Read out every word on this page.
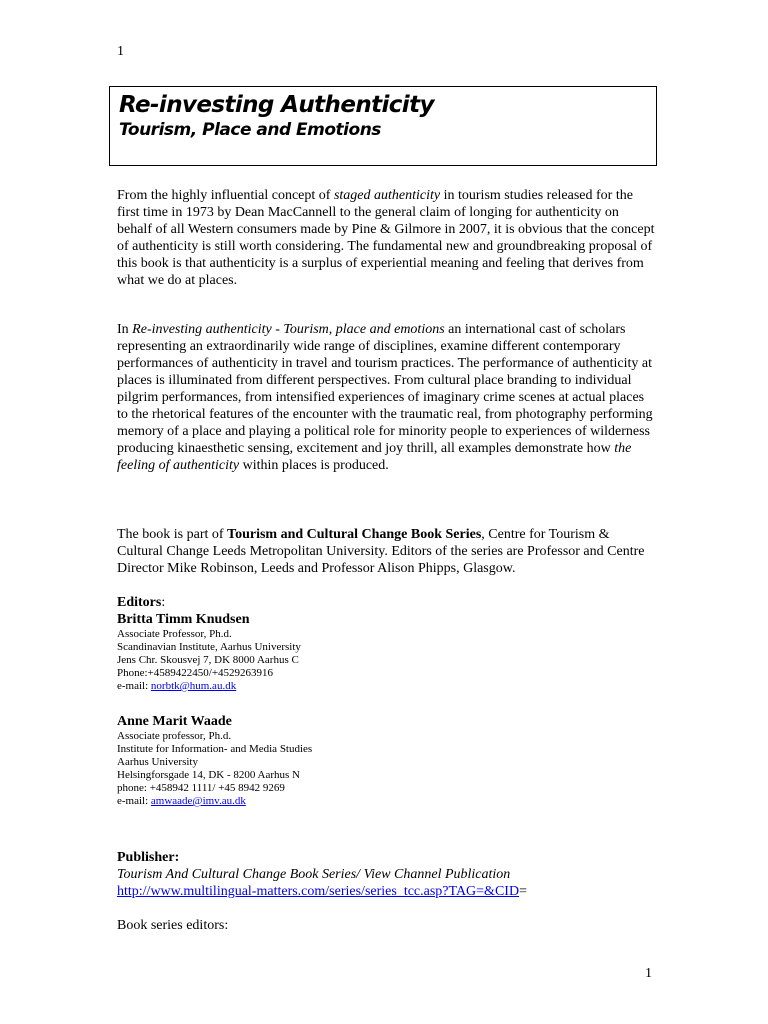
1
Re-investing Authenticity
Tourism, Place and Emotions

From the highly influential concept of staged authenticity in tourism studies released for the first time in 1973 by Dean MacCannell to the general claim of longing for authenticity on behalf of all Western consumers made by Pine & Gilmore in 2007, it is obvious that the concept of authenticity is still worth considering. The fundamental new and groundbreaking proposal of this book is that authenticity is a surplus of experiential meaning and feeling that derives from what we do at places.

In Re-investing authenticity - Tourism, place and emotions an international cast of scholars representing an extraordinarily wide range of disciplines, examine different contemporary performances of authenticity in travel and tourism practices. The performance of authenticity at places is illuminated from different perspectives. From cultural place branding to individual pilgrim performances, from intensified experiences of imaginary crime scenes at actual places to the rhetorical features of the encounter with the traumatic real, from photography performing memory of a place and playing a political role for minority people to experiences of wilderness producing kinaesthetic sensing, excitement and joy thrill, all examples demonstrate how the feeling of authenticity within places is produced.

The book is part of Tourism and Cultural Change Book Series, Centre for Tourism & Cultural Change Leeds Metropolitan University. Editors of the series are Professor and Centre Director Mike Robinson, Leeds and Professor Alison Phipps, Glasgow.

Editors:
Britta Timm Knudsen
Associate Professor, Ph.d.
Scandinavian Institute, Aarhus University
Jens Chr. Skousvej 7, DK 8000 Aarhus C
Phone:+4589422450/+4529263916
e-mail: norbtk@hum.au.dk
Anne Marit Waade
Associate professor, Ph.d.
Institute for Information- and Media Studies
Aarhus University
Helsingforsgade 14, DK - 8200 Aarhus N
phone: +458942 1111/ +45 8942 9269
e-mail: amwaade@imv.au.dk
Publisher:
Tourism And Cultural Change Book Series/ View Channel Publication
http://www.multilingual-matters.com/series/series_tcc.asp?TAG=&CID=
Book series editors:
1
